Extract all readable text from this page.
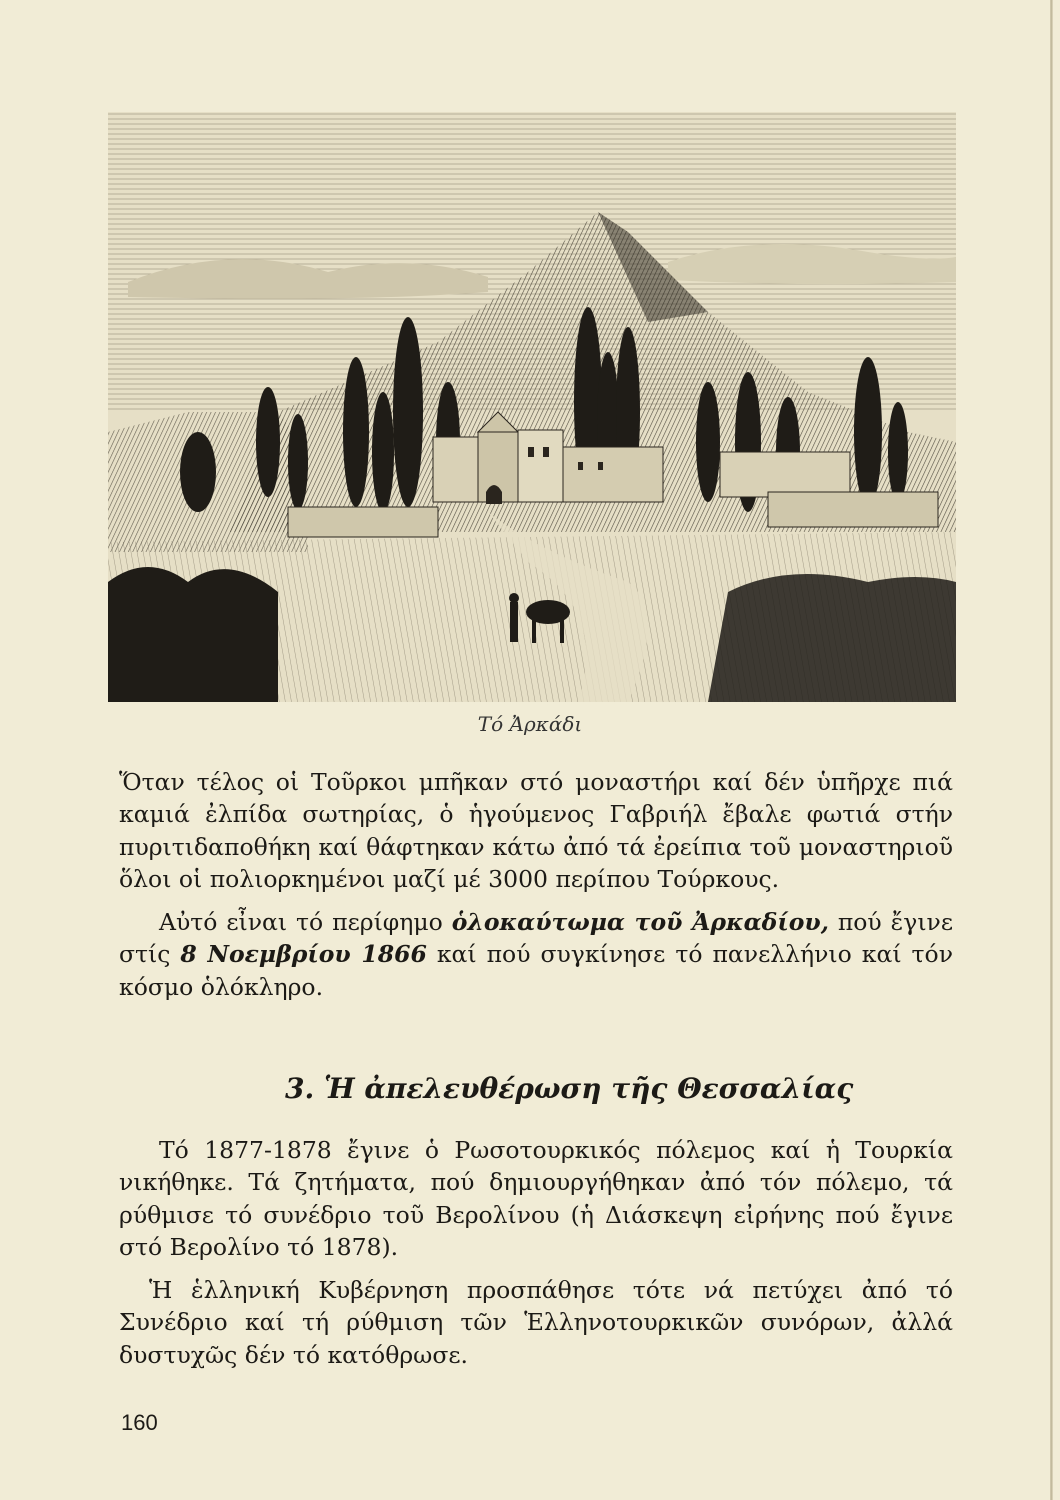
Τό Ἀρκάδι

Ὅταν τέλος οἱ Τοῦρκοι μπῆκαν στό μοναστήρι καί δέν ὑπῆρχε πιά καμιά ἐλπίδα σωτηρίας, ὁ ἡγούμενος Γαβριήλ ἔβαλε φωτιά στήν πυριτιδαποθήκη καί θάφτηκαν κάτω ἀπό τά ἐρείπια τοῦ μοναστηριοῦ ὅλοι οἱ πολιορκημένοι μαζί μέ 3000 περίπου Τούρκους.

Αὐτό εἶναι τό περίφημο ὁλοκαύτωμα τοῦ Ἀρκαδίου, πού ἔγινε στίς 8 Νοεμβρίου 1866 καί πού συγκίνησε τό πανελλήνιο καί τόν κόσμο ὁλόκληρο.

3. Ἡ ἀπελευθέρωση τῆς Θεσσαλίας

Τό 1877-1878 ἔγινε ὁ Ρωσοτουρκικός πόλεμος καί ἡ Τουρκία νικήθηκε. Τά ζητήματα, πού δημιουργήθηκαν ἀπό τόν πόλεμο, τά ρύθμισε τό συνέδριο τοῦ Βερολίνου (ἡ Διάσκεψη εἰρήνης πού ἔγινε στό Βερολίνο τό 1878).

Ἡ ἑλληνική Κυβέρνηση προσπάθησε τότε νά πετύχει ἀπό τό Συνέδριο καί τή ρύθμιση τῶν Ἑλληνοτουρκικῶν συνόρων, ἀλλά δυστυχῶς δέν τό κατόθρωσε.

160
